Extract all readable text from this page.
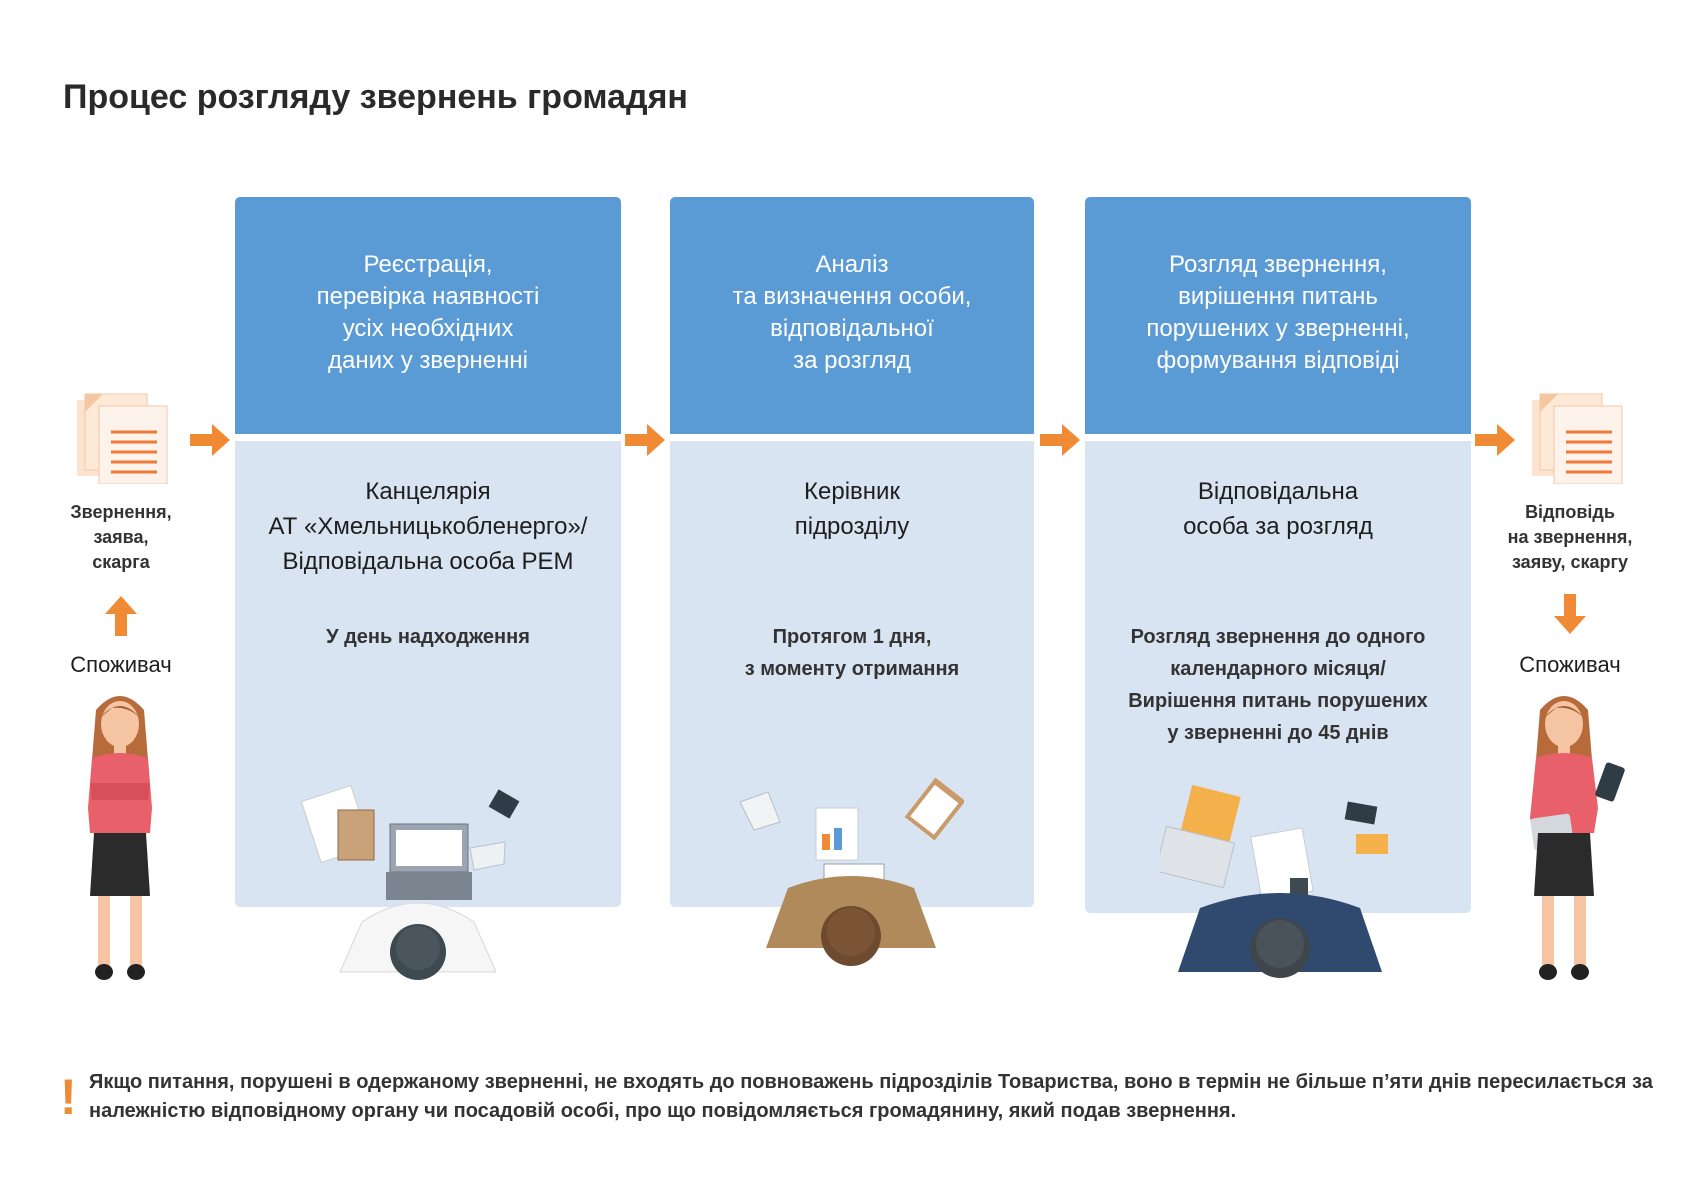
Процес розгляду звернень громадян
Звернення,
заява,
скарга
Споживач
Реєстрація,
перевірка наявності
усіх необхідних
даних у зверненні
Канцелярія
АТ «Хмельницькобленерго»/
Відповідальна особа РЕМ
У день надходження
Аналіз
та визначення особи,
відповідальної
за розгляд
Керівник
підрозділу
Протягом 1 дня,
з моменту отримання
Розгляд звернення,
вирішення питань
порушених у зверненні,
формування відповіді
Відповідальна
особа за розгляд
Розгляд звернення до одного
календарного місяця/
Вирішення питань порушених
у зверненні до 45 днів
Відповідь
на звернення,
заяву, скаргу
Споживач
! Якщо питання, порушені в одержаному зверненні, не входять до повноважень підрозділів Товариства, воно в термін не більше п’яти днів пересилається за належністю відповідному органу чи посадовій особі, про що повідомляється громадянину, який подав звернення.
